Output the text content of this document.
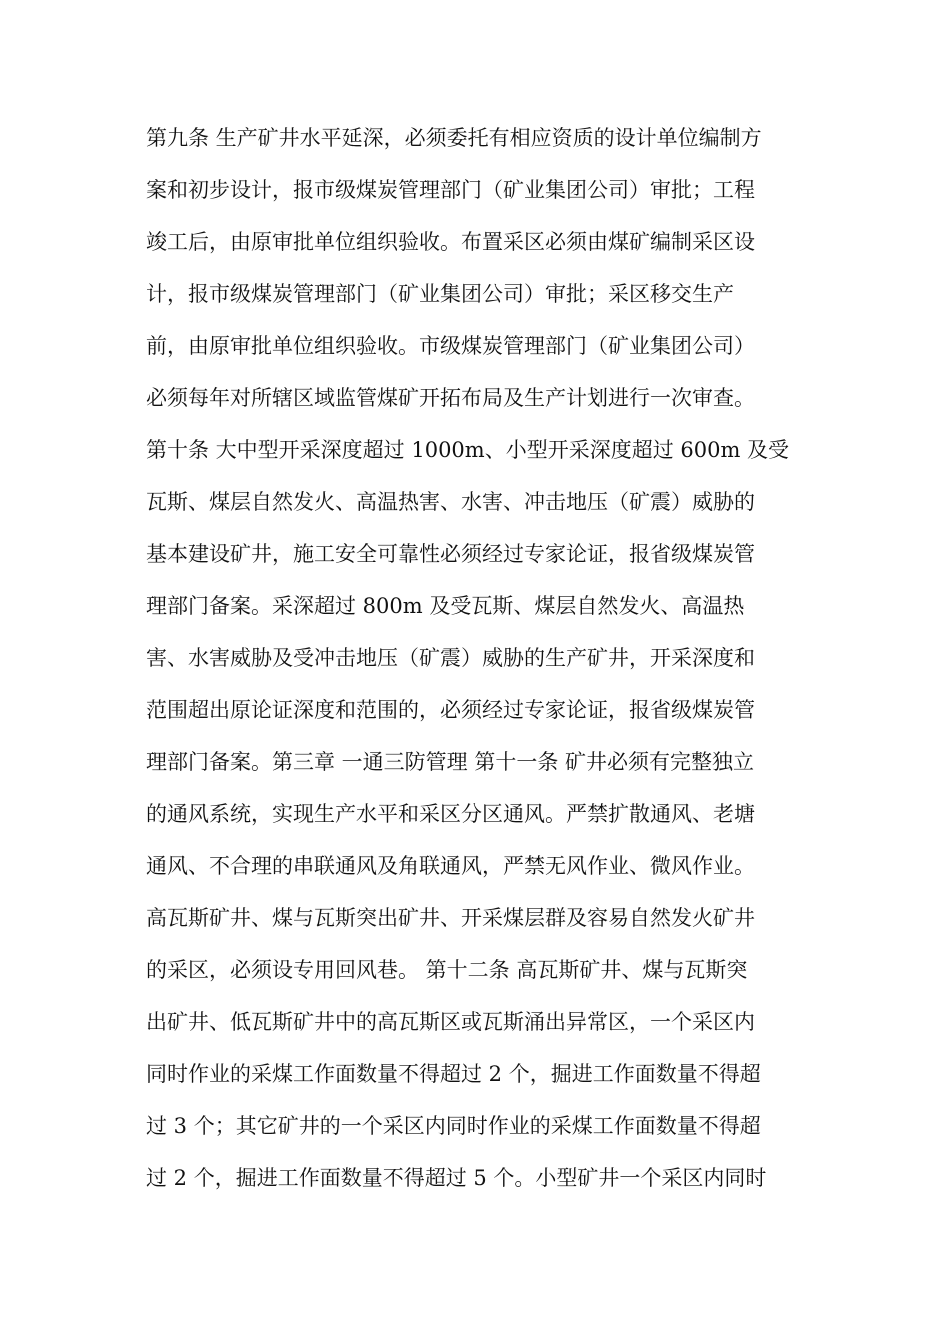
第九条 生产矿井水平延深，必须委托有相应资质的设计单位编制方
案和初步设计，报市级煤炭管理部门（矿业集团公司）审批；工程
竣工后，由原审批单位组织验收。布置采区必须由煤矿编制采区设
计，报市级煤炭管理部门（矿业集团公司）审批；采区移交生产
前，由原审批单位组织验收。市级煤炭管理部门（矿业集团公司）
必须每年对所辖区域监管煤矿开拓布局及生产计划进行一次审查。
第十条 大中型开采深度超过 1000m、小型开采深度超过 600m 及受
瓦斯、煤层自然发火、高温热害、水害、冲击地压（矿震）威胁的
基本建设矿井，施工安全可靠性必须经过专家论证，报省级煤炭管
理部门备案。采深超过 800m 及受瓦斯、煤层自然发火、高温热
害、水害威胁及受冲击地压（矿震）威胁的生产矿井，开采深度和
范围超出原论证深度和范围的，必须经过专家论证，报省级煤炭管
理部门备案。第三章 一通三防管理 第十一条 矿井必须有完整独立
的通风系统，实现生产水平和采区分区通风。严禁扩散通风、老塘
通风、不合理的串联通风及角联通风，严禁无风作业、微风作业。
高瓦斯矿井、煤与瓦斯突出矿井、开采煤层群及容易自然发火矿井
的采区，必须设专用回风巷。 第十二条 高瓦斯矿井、煤与瓦斯突
出矿井、低瓦斯矿井中的高瓦斯区或瓦斯涌出异常区，一个采区内
同时作业的采煤工作面数量不得超过 2 个，掘进工作面数量不得超
过 3 个；其它矿井的一个采区内同时作业的采煤工作面数量不得超
过 2 个，掘进工作面数量不得超过 5 个。小型矿井一个采区内同时
